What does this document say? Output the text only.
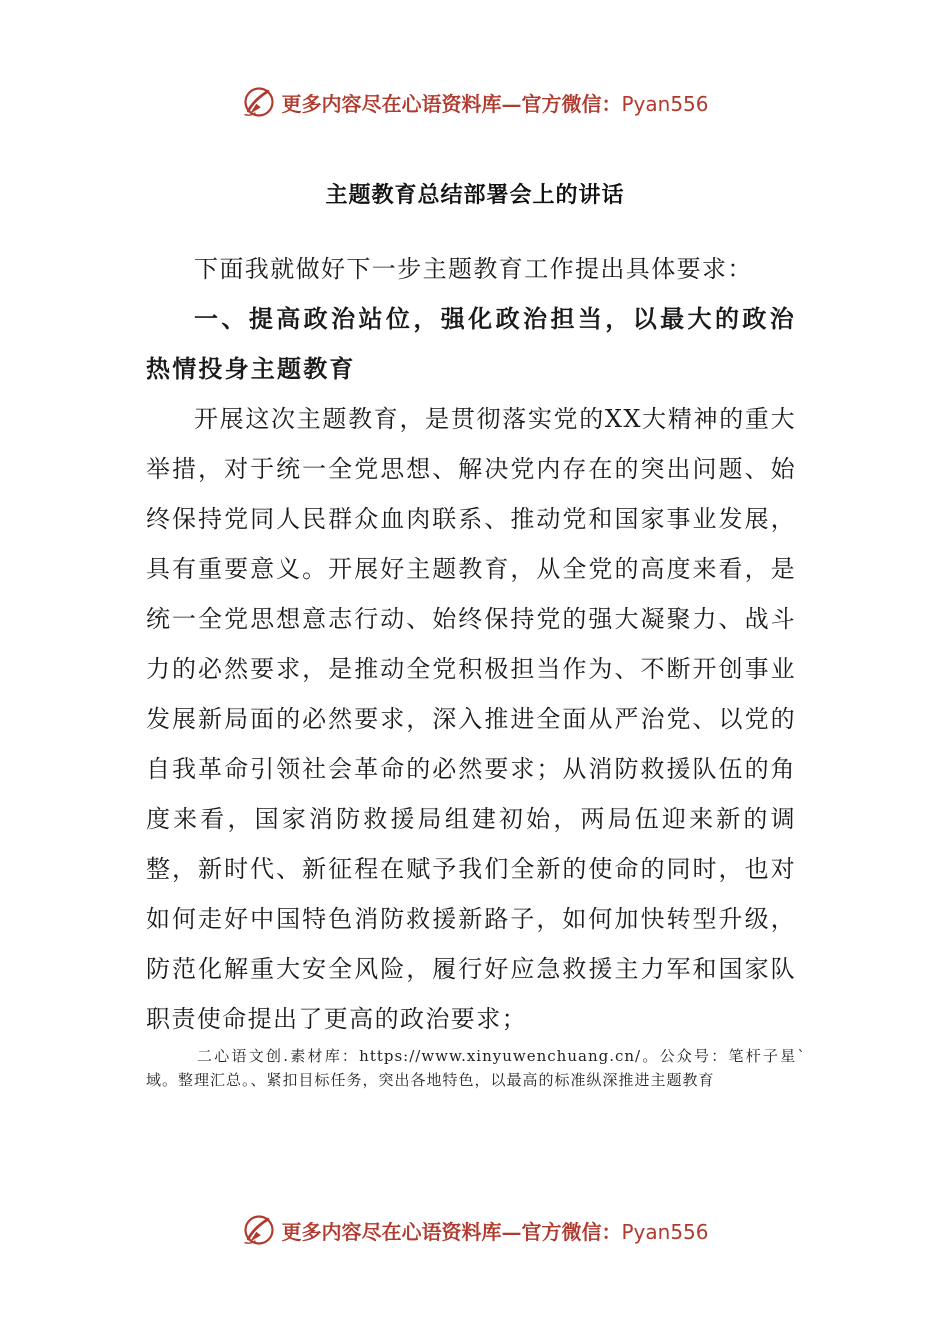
更多内容尽在心语资料库—官方微信：Pyan556
主题教育总结部署会上的讲话

下面我就做好下一步主题教育工作提出具体要求：

一、提高政治站位，强化政治担当，以最大的政治热情投身主题教育

开展这次主题教育，是贯彻落实党的XX大精神的重大举措，对于统一全党思想、解决党内存在的突出问题、始终保持党同人民群众血肉联系、推动党和国家事业发展，具有重要意义。开展好主题教育，从全党的高度来看，是统一全党思想意志行动、始终保持党的强大凝聚力、战斗力的必然要求，是推动全党积极担当作为、不断开创事业发展新局面的必然要求，深入推进全面从严治党、以党的自我革命引领社会革命的必然要求；从消防救援队伍的角度来看，国家消防救援局组建初始，两局伍迎来新的调整，新时代、新征程在赋予我们全新的使命的同时，也对如何走好中国特色消防救援新路子，如何加快转型升级，防范化解重大安全风险，履行好应急救援主力军和国家队职责使命提出了更高的政治要求；

二心语文创.素材库：https://www.xinyuwenchuang.cn/。公众号：笔杆子星`域。整理汇总。、紧扣目标任务，突出各地特色，以最高的标准纵深推进主题教育
更多内容尽在心语资料库—官方微信：Pyan556
